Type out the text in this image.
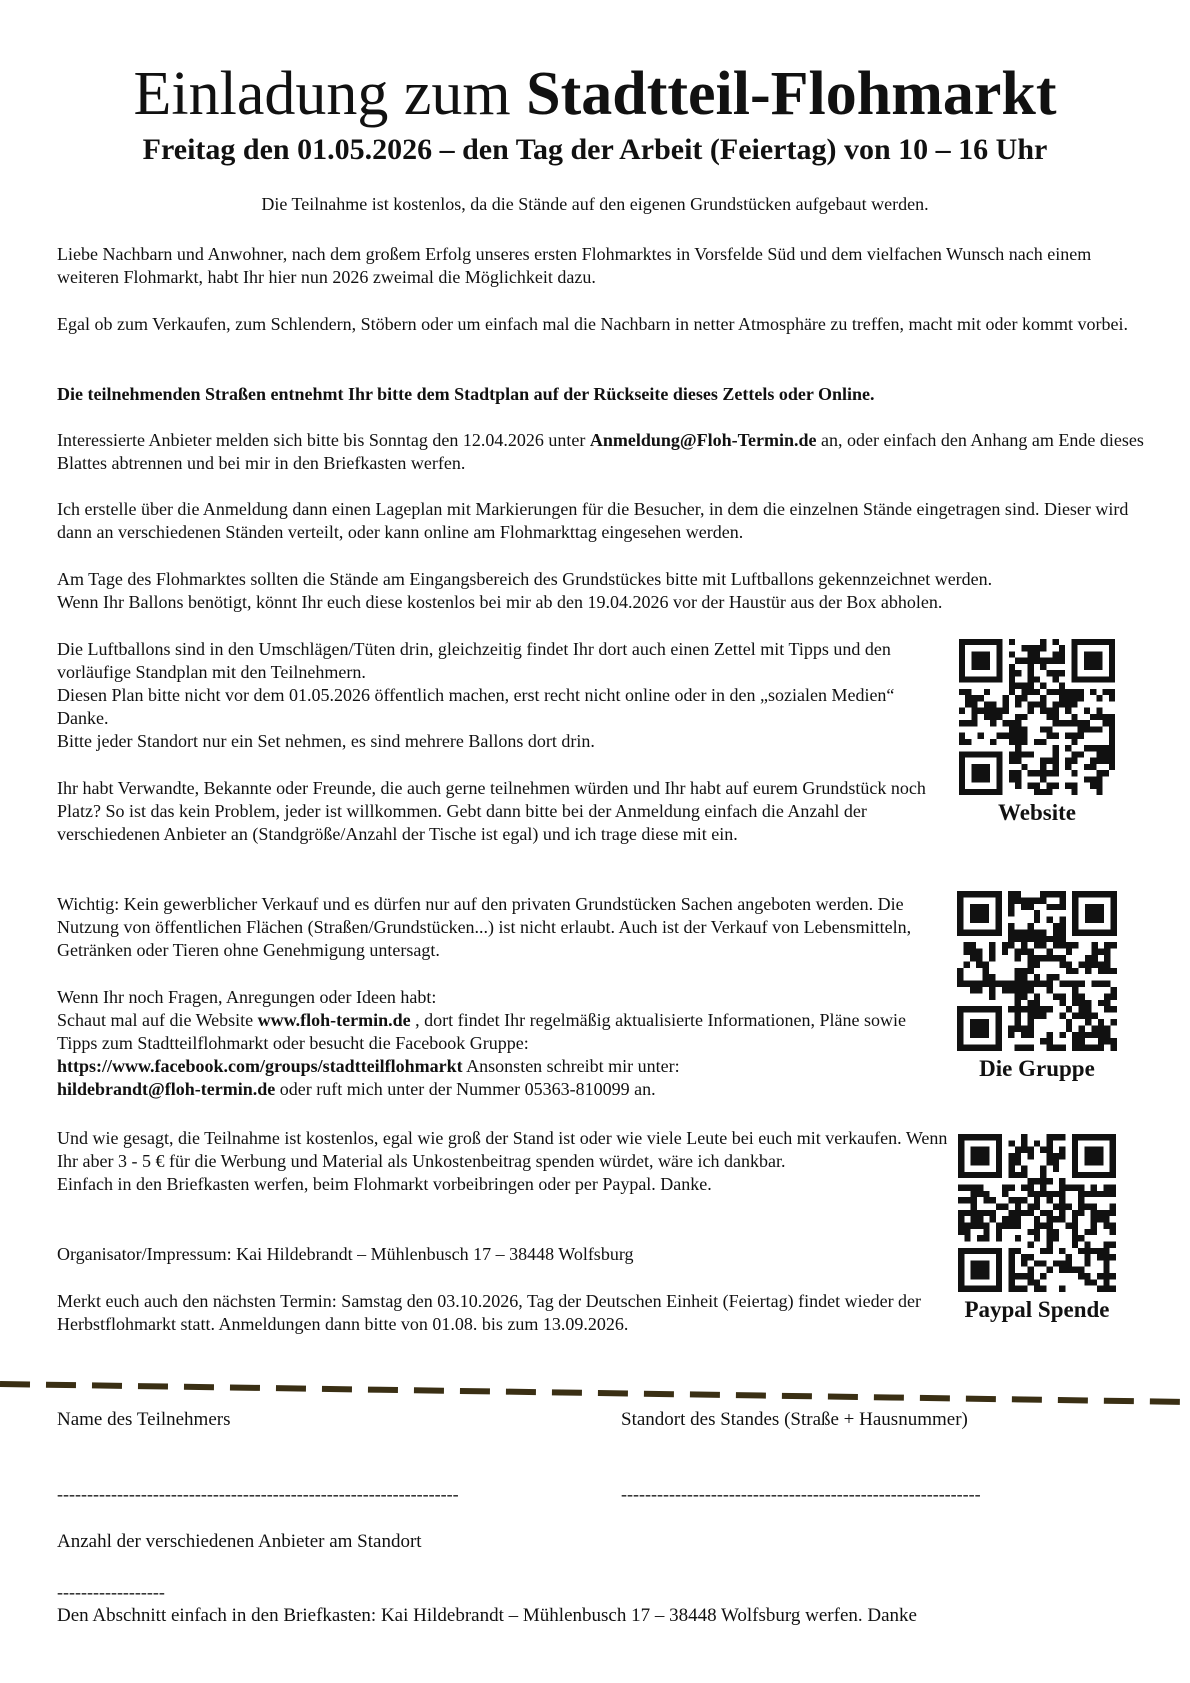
Einladung zum Stadtteil-Flohmarkt
Freitag den 01.05.2026 – den Tag der Arbeit (Feiertag) von 10 – 16 Uhr
Die Teilnahme ist kostenlos, da die Stände auf den eigenen Grundstücken aufgebaut werden.

Liebe Nachbarn und Anwohner, nach dem großem Erfolg unseres ersten Flohmarktes in Vorsfelde Süd und dem vielfachen Wunsch nach einem weiteren Flohmarkt, habt Ihr hier nun 2026 zweimal die Möglichkeit dazu.

Egal ob zum Verkaufen, zum Schlendern, Stöbern oder um einfach mal die Nachbarn in netter Atmosphäre zu treffen, macht mit oder kommt vorbei.

Die teilnehmenden Straßen entnehmt Ihr bitte dem Stadtplan auf der Rückseite dieses Zettels oder Online.

Interessierte Anbieter melden sich bitte bis Sonntag den 12.04.2026 unter Anmeldung@Floh-Termin.de an, oder einfach den Anhang am Ende dieses Blattes abtrennen und bei mir in den Briefkasten werfen.

Ich erstelle über die Anmeldung dann einen Lageplan mit Markierungen für die Besucher, in dem die einzelnen Stände eingetragen sind. Dieser wird dann an verschiedenen Ständen verteilt, oder kann online am Flohmarkttag eingesehen werden.

Am Tage des Flohmarktes sollten die Stände am Eingangsbereich des Grundstückes bitte mit Luftballons gekennzeichnet werden.
Wenn Ihr Ballons benötigt, könnt Ihr euch diese kostenlos bei mir ab den 19.04.2026 vor der Haustür aus der Box abholen.
Die Luftballons sind in den Umschlägen/Tüten drin, gleichzeitig findet Ihr dort auch einen Zettel mit Tipps und den vorläufige Standplan mit den Teilnehmern.
Diesen Plan bitte nicht vor dem 01.05.2026 öffentlich machen, erst recht nicht online oder in den „sozialen Medien“ Danke.
Bitte jeder Standort nur ein Set nehmen, es sind mehrere Ballons dort drin.

Ihr habt Verwandte, Bekannte oder Freunde, die auch gerne teilnehmen würden und Ihr habt auf eurem Grundstück noch Platz? So ist das kein Problem, jeder ist willkommen. Gebt dann bitte bei der Anmeldung einfach die Anzahl der verschiedenen Anbieter an (Standgröße/Anzahl der Tische ist egal) und ich trage diese mit ein.

Wichtig: Kein gewerblicher Verkauf und es dürfen nur auf den privaten Grundstücken Sachen angeboten werden. Die Nutzung von öffentlichen Flächen (Straßen/Grundstücken...) ist nicht erlaubt. Auch ist der Verkauf von Lebensmitteln, Getränken oder Tieren ohne Genehmigung untersagt.

Wenn Ihr noch Fragen, Anregungen oder Ideen habt:
Schaut mal auf die Website www.floh-termin.de , dort findet Ihr regelmäßig aktualisierte Informationen, Pläne sowie Tipps zum Stadtteilflohmarkt oder besucht die Facebook Gruppe:
https://www.facebook.com/groups/stadtteilflohmarkt Ansonsten schreibt mir unter:
hildebrandt@floh-termin.de oder ruft mich unter der Nummer 05363-810099 an.
Und wie gesagt, die Teilnahme ist kostenlos, egal wie groß der Stand ist oder wie viele Leute bei euch mit verkaufen. Wenn Ihr aber 3 - 5 € für die Werbung und Material als Unkostenbeitrag spenden würdet, wäre ich dankbar.
Einfach in den Briefkasten werfen, beim Flohmarkt vorbeibringen oder per Paypal. Danke.

Organisator/Impressum: Kai Hildebrandt – Mühlenbusch 17 – 38448 Wolfsburg

Merkt euch auch den nächsten Termin: Samstag den 03.10.2026, Tag der Deutschen Einheit (Feiertag) findet wieder der Herbstflohmarkt statt. Anmeldungen dann bitte von 01.08. bis zum 13.09.2026.

Website
Die Gruppe
Paypal Spende
Name des Teilnehmers	Standort des Standes (Straße + Hausnummer)
-------------------------------------------------------------------	------------------------------------------------------------
Anzahl der verschiedenen Anbieter am Standort
------------------
Den Abschnitt einfach in den Briefkasten: Kai Hildebrandt – Mühlenbusch 17 – 38448 Wolfsburg werfen. Danke
